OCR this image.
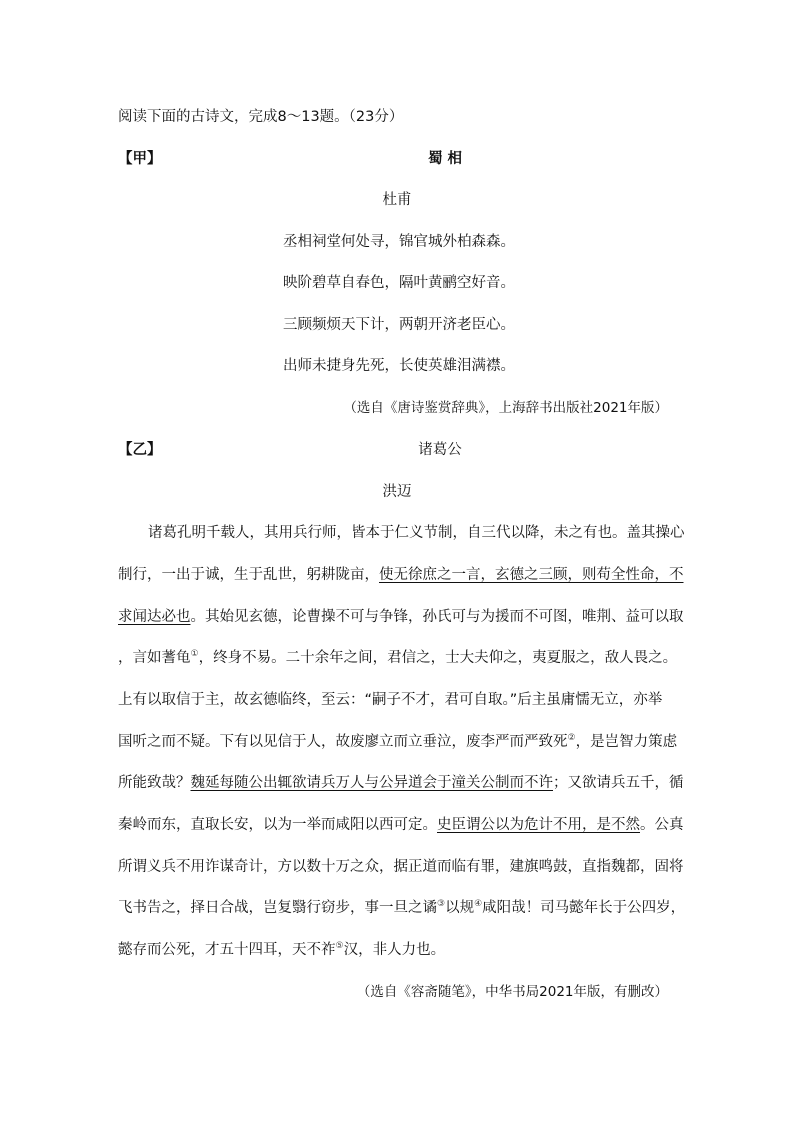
阅读下面的古诗文，完成8～13题。（23分）
【甲】	蜀 相
杜甫
丞相祠堂何处寻，锦官城外柏森森。
映阶碧草自春色，隔叶黄鹂空好音。
三顾频烦天下计，两朝开济老臣心。
出师未捷身先死，长使英雄泪满襟。
（选自《唐诗鉴赏辞典》，上海辞书出版社2021年版）
【乙】	诸葛公
洪迈
诸葛孔明千载人，其用兵行师，皆本于仁义节制，自三代以降，未之有也。盖其操心
制行，一出于诚，生于乱世，躬耕陇亩，使无徐庶之一言，玄德之三顾，则苟全性命，不
求闻达必也。其始见玄德，论曹操不可与争锋，孙氏可与为援而不可图，唯荆、益可以取
，言如蓍龟①，终身不易。二十余年之间，君信之，士大夫仰之，夷夏服之，敌人畏之。
上有以取信于主，故玄德临终，至云：“嗣子不才，君可自取。”后主虽庸懦无立，亦举
国听之而不疑。下有以见信于人，故废廖立而立垂泣，废李严而严致死②，是岂智力策虑
所能致哉？魏延每随公出辄欲请兵万人与公异道会于潼关公制而不许；又欲请兵五千，循
秦岭而东，直取长安，以为一举而咸阳以西可定。史臣谓公以为危计不用，是不然。公真
所谓义兵不用诈谋奇计，方以数十万之众，据正道而临有罪，建旗鸣鼓，直指魏都，固将
飞书告之，择日合战，岂复翳行窃步，事一旦之谲③以规④咸阳哉！司马懿年长于公四岁，
懿存而公死，才五十四耳，天不祚⑤汉，非人力也。
（选自《容斋随笔》，中华书局2021年版，有删改）
